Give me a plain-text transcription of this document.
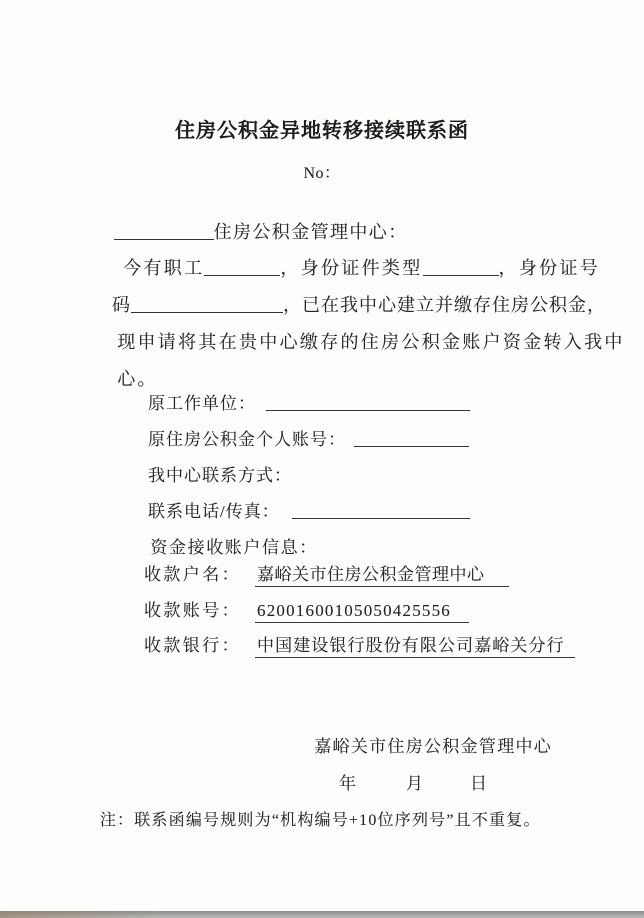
住房公积金异地转移接续联系函
No：

住房公积金管理中心：

今有职工	，身份证件类型	，身份证号

码	，已在我中心建立并缴存住房公积金，

现申请将其在贵中心缴存的住房公积金账户资金转入我中

心。

原工作单位：

原住房公积金个人账号：

我中心联系方式：

联系电话/传真：

资金接收账户信息：

收款户名： 嘉峪关市住房公积金管理中心

收款账号： 62001600105050425556

收款银行： 中国建设银行股份有限公司嘉峪关分行

嘉峪关市住房公积金管理中心

年	月	日

注：联系函编号规则为“机构编号+10位序列号”且不重复。
